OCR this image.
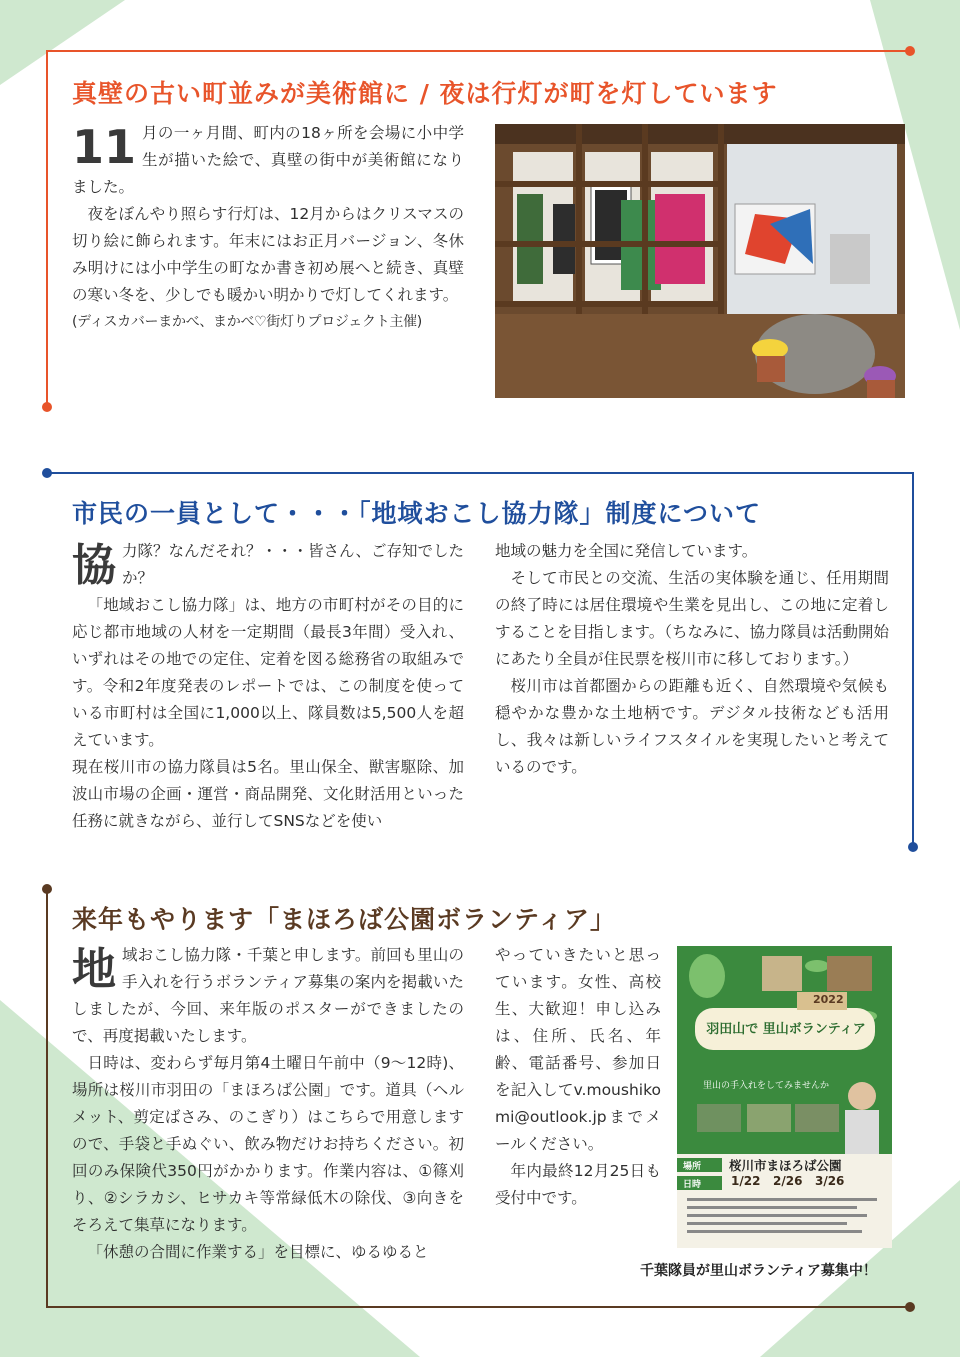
真壁の古い町並みが美術館に / 夜は行灯が町を灯しています

11 月の一ヶ月間、町内の18ヶ所を会場に小中学生が描いた絵で、真壁の街中が美術館になりました。

夜をぼんやり照らす行灯は、12月からはクリスマスの切り絵に飾られます。年末にはお正月バージョン、冬休み明けには小中学生の町なか書き初め展へと続き、真壁の寒い冬を、少しでも暖かい明かりで灯してくれます。

(ディスカバーまかべ、まかべ♡街灯りプロジェクト主催)

市民の一員として・・・「地域おこし協力隊」制度について

協 力隊？なんだそれ？・・・皆さん、ご存知でしたか？

「地域おこし協力隊」は、地方の市町村がその目的に応じ都市地域の人材を一定期間（最長3年間）受入れ、いずれはその地での定住、定着を図る総務省の取組みです。令和2年度発表のレポートでは、この制度を使っている市町村は全国に1,000以上、隊員数は5,500人を超えています。

現在桜川市の協力隊員は5名。里山保全、獣害駆除、加波山市場の企画・運営・商品開発、文化財活用といった任務に就きながら、並行してSNSなどを使い

地域の魅力を全国に発信しています。

そして市民との交流、生活の実体験を通じ、任用期間の終了時には居住環境や生業を見出し、この地に定着しすることを目指します。（ちなみに、協力隊員は活動開始にあたり全員が住民票を桜川市に移しております。）

桜川市は首都圏からの距離も近く、自然環境や気候も穏やかな豊かな土地柄です。デジタル技術なども活用し、我々は新しいライフスタイルを実現したいと考えているのです。

来年もやります「まほろば公園ボランティア」

地 域おこし協力隊・千葉と申します。前回も里山の手入れを行うボランティア募集の案内を掲載いたしましたが、今回、来年版のポスターができましたので、再度掲載いたします。

日時は、変わらず毎月第4土曜日午前中（9～12時)、場所は桜川市羽田の「まほろば公園」です。道具（ヘルメット、剪定ばさみ、のこぎり）はこちらで用意しますので、手袋と手ぬぐい、飲み物だけお持ちください。初回のみ保険代350円がかかります。作業内容は、①篠刈り、②シラカシ、ヒサカキ等常緑低木の除伐、③向きをそろえて集草になります。

「休憩の合間に作業する」を目標に、ゆるゆると

やっていきたいと思っています。女性、高校生、大歓迎！申し込みは、住所、氏名、年齢、電話番号、参加日を記入してv.moushikomi@outlook.jpまでメールください。

年内最終12月25日も受付中です。

里山の手入れをしてみませんか
2022
羽田山で 里山ボランティア
場所 桜川市まほろば公園
日時 1/22 2/26 3/26
千葉隊員が里山ボランティア募集中！
